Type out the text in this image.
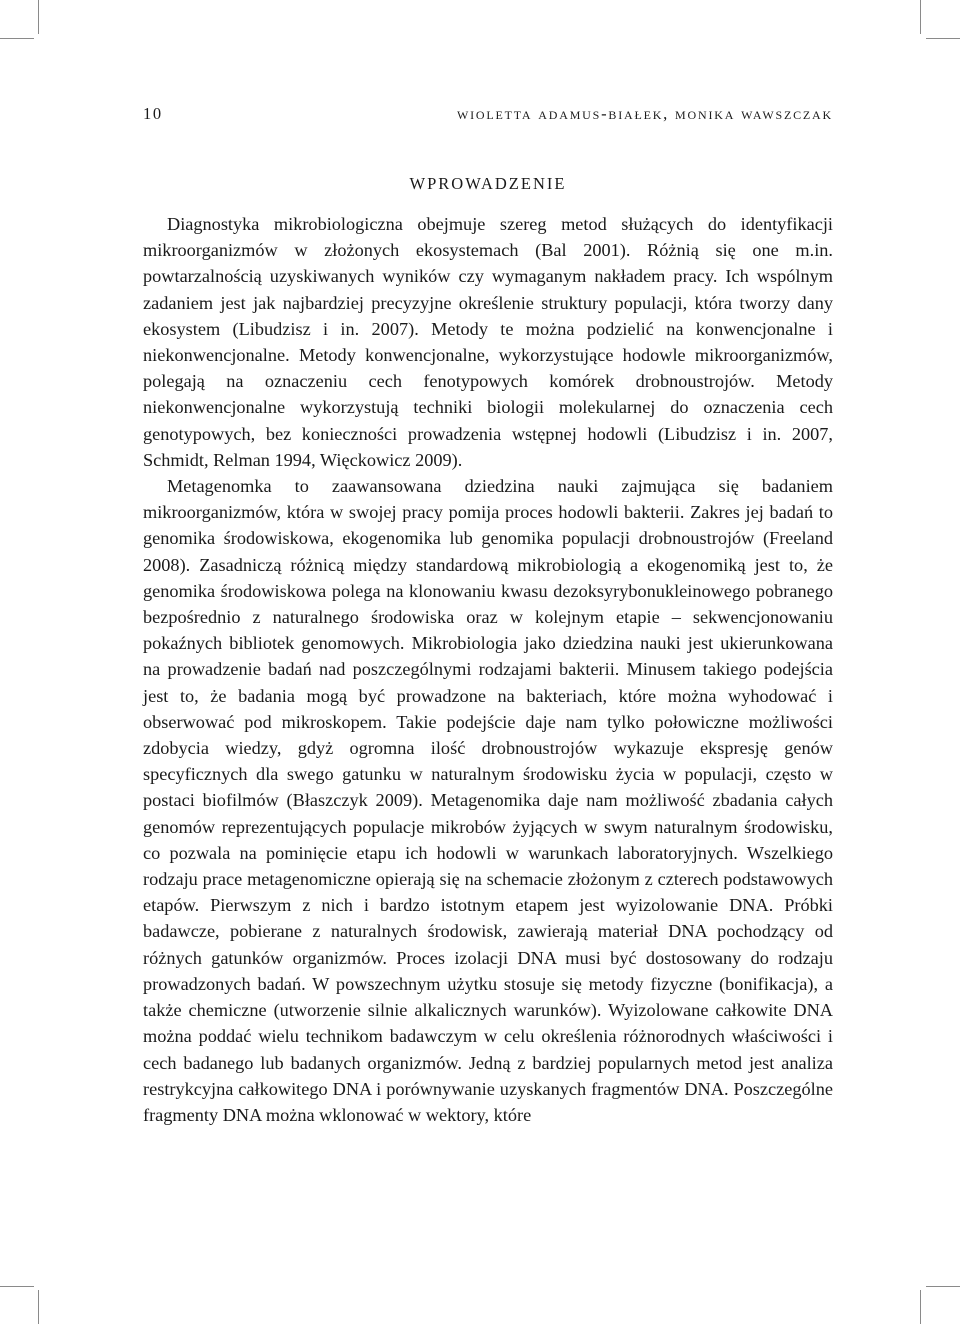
10	wioletta adamus-białek, monika wawszczak
WPROWADZENIE

Diagnostyka mikrobiologiczna obejmuje szereg metod służących do identyfikacji mikroorganizmów w złożonych ekosystemach (Bal 2001). Różnią się one m.in. powtarzalnością uzyskiwanych wyników czy wymaganym nakładem pracy. Ich wspólnym zadaniem jest jak najbardziej precyzyjne określenie struktury populacji, która tworzy dany ekosystem (Libudzisz i in. 2007). Metody te można podzielić na konwencjonalne i niekonwencjonalne. Metody konwencjonalne, wykorzystujące hodowle mikroorganizmów, polegają na oznaczeniu cech fenotypowych komórek drobnoustrojów. Metody niekonwencjonalne wykorzystują techniki biologii molekularnej do oznaczenia cech genotypowych, bez konieczności prowadzenia wstępnej hodowli (Libudzisz i in. 2007, Schmidt, Relman 1994, Więckowicz 2009).

Metagenomka to zaawansowana dziedzina nauki zajmująca się badaniem mikroorganizmów, która w swojej pracy pomija proces hodowli bakterii. Zakres jej badań to genomika środowiskowa, ekogenomika lub genomika populacji drobnoustrojów (Freeland 2008). Zasadniczą różnicą między standardową mikrobiologią a ekogenomiką jest to, że genomika środowiskowa polega na klonowaniu kwasu dezoksyrybonukleinowego pobranego bezpośrednio z naturalnego środowiska oraz w kolejnym etapie – sekwencjonowaniu pokaźnych bibliotek genomowych. Mikrobiologia jako dziedzina nauki jest ukierunkowana na prowadzenie badań nad poszczególnymi rodzajami bakterii. Minusem takiego podejścia jest to, że badania mogą być prowadzone na bakteriach, które można wyhodować i obserwować pod mikroskopem. Takie podejście daje nam tylko połowiczne możliwości zdobycia wiedzy, gdyż ogromna ilość drobnoustrojów wykazuje ekspresję genów specyficznych dla swego gatunku w naturalnym środowisku życia w populacji, często w postaci biofilmów (Błaszczyk 2009). Metagenomika daje nam możliwość zbadania całych genomów reprezentujących populacje mikrobów żyjących w swym naturalnym środowisku, co pozwala na pominięcie etapu ich hodowli w warunkach laboratoryjnych. Wszelkiego rodzaju prace metagenomiczne opierają się na schemacie złożonym z czterech podstawowych etapów. Pierwszym z nich i bardzo istotnym etapem jest wyizolowanie DNA. Próbki badawcze, pobierane z naturalnych środowisk, zawierają materiał DNA pochodzący od różnych gatunków organizmów. Proces izolacji DNA musi być dostosowany do rodzaju prowadzonych badań. W powszechnym użytku stosuje się metody fizyczne (bonifikacja), a także chemiczne (utworzenie silnie alkalicznych warunków). Wyizolowane całkowite DNA można poddać wielu technikom badawczym w celu określenia różnorodnych właściwości i cech badanego lub badanych organizmów. Jedną z bardziej popularnych metod jest analiza restrykcyjna całkowitego DNA i porównywanie uzyskanych fragmentów DNA. Poszczególne fragmenty DNA można wklonować w wektory, które
